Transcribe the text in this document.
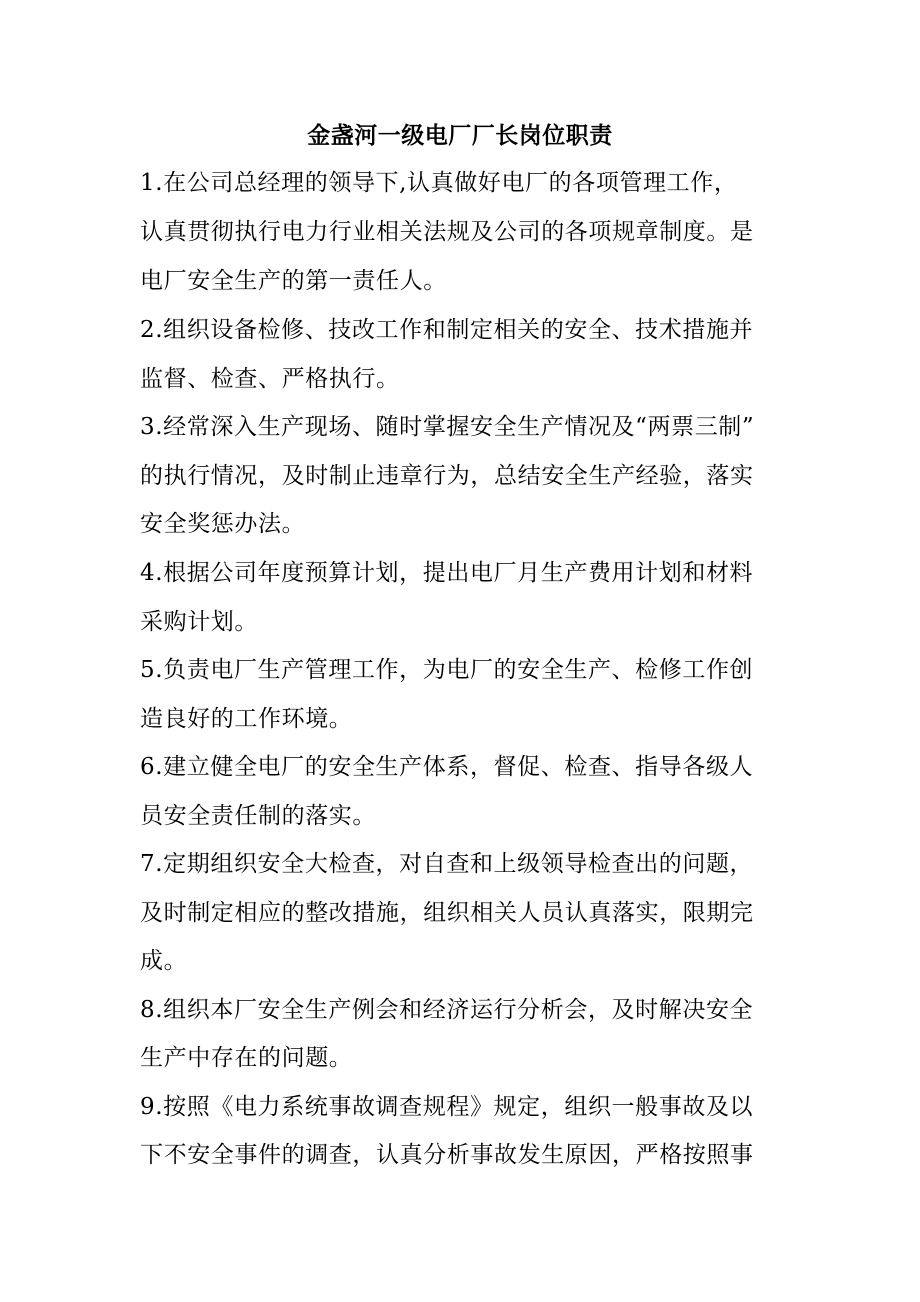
金盏河一级电厂厂长岗位职责

1.在公司总经理的领导下,认真做好电厂的各项管理工作，

认真贯彻执行电力行业相关法规及公司的各项规章制度。是

电厂安全生产的第一责任人。

2.组织设备检修、技改工作和制定相关的安全、技术措施并

监督、检查、严格执行。

3.经常深入生产现场、随时掌握安全生产情况及“两票三制”

的执行情况，及时制止违章行为，总结安全生产经验，落实

安全奖惩办法。

4.根据公司年度预算计划，提出电厂月生产费用计划和材料

采购计划。

5.负责电厂生产管理工作，为电厂的安全生产、检修工作创

造良好的工作环境。

6.建立健全电厂的安全生产体系，督促、检查、指导各级人

员安全责任制的落实。

7.定期组织安全大检查，对自查和上级领导检查出的问题，

及时制定相应的整改措施，组织相关人员认真落实，限期完

成。

8.组织本厂安全生产例会和经济运行分析会，及时解决安全

生产中存在的问题。

9.按照《电力系统事故调查规程》规定，组织一般事故及以

下不安全事件的调查，认真分析事故发生原因，严格按照事
